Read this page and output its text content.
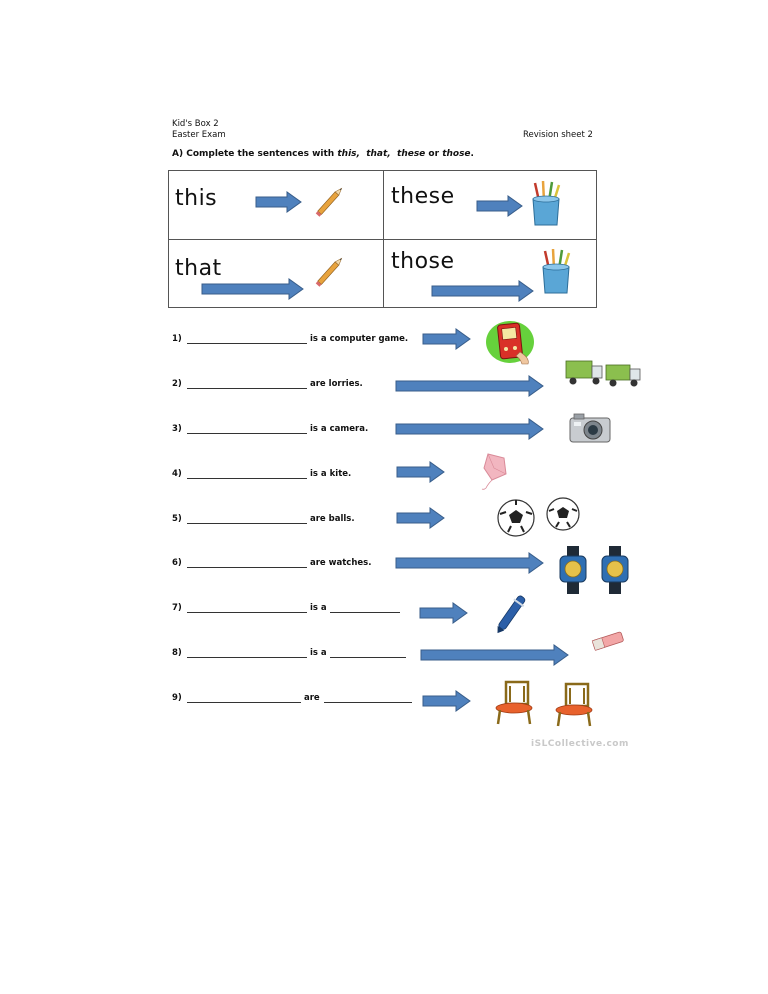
Kid's Box 2
Easter Exam	Revision sheet 2
A) Complete the sentences with this, that, these or those.
this	these
that	those
1)	is a computer game.
2)	are lorries.
3)	is a camera.
4)	is a kite.
5)	are balls.
6)	are watches.
7)	is a
8)	is a
9)	are
iSLCollective.com
